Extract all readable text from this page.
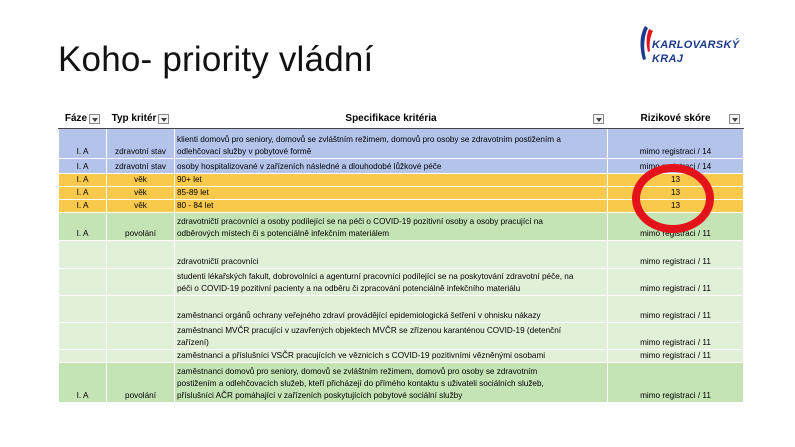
Koho- priority vládní	KARLOVARSKÝ
KRAJ
Fáze	Typ kritér	Specifikace kritéria	Rizikové skóre

I. A	zdravotní stav	klienti domovů pro seniory, domovů se zvláštním režimem, domovů pro osoby se zdravotním postižením a
odlehčovací služby v pobytové formě	mimo registraci / 14
I. A	zdravotní stav	osoby hospitalizované v zařízeních následné a dlouhodobé lůžkové péče	mimo registraci / 14
I. A	věk	90+ let	13
I. A	věk	85-89 let	13
I. A	věk	80 - 84 let	13
I. A	povolání	zdravotničtí pracovníci a osoby podílející se na péči o COVID-19 pozitivní osoby a osoby pracující na
odběrových místech či s potenciálně infekčním materiálem	mimo registraci / 11

		zdravotničtí pracovníci	mimo registraci / 11

		studenti lékařských fakult, dobrovolníci a agenturní pracovníci podílející se na poskytování zdravotní péče, na
péči o COVID-19 pozitivní pacienty a na odběru či zpracování potenciálně infekčního materiálu	mimo registraci / 11

		zaměstnanci orgánů ochrany veřejného zdraví provádějící epidemiologická šetření v ohnisku nákazy	mimo registraci / 11

		zaměstnanci MVČR pracující v uzavřených objektech MVČR se zřízenou karanténou COVID-19 (detenční
zařízení)	mimo registraci / 11

		zaměstnanci a příslušníci VSČR pracujících ve věznicích s COVID-19 pozitivními vězněnými osobami	mimo registraci / 11
I. A	povolání	zaměstnanci domovů pro seniory, domovů se zvláštním režimem, domovů pro osoby se zdravotním
postižením a odlehčovacích služeb, kteří přicházejí do přímého kontaktu s uživateli sociálních služeb,
příslušníci AČR pomáhající v zařízeních poskytujících pobytové sociální služby	mimo registraci / 11
